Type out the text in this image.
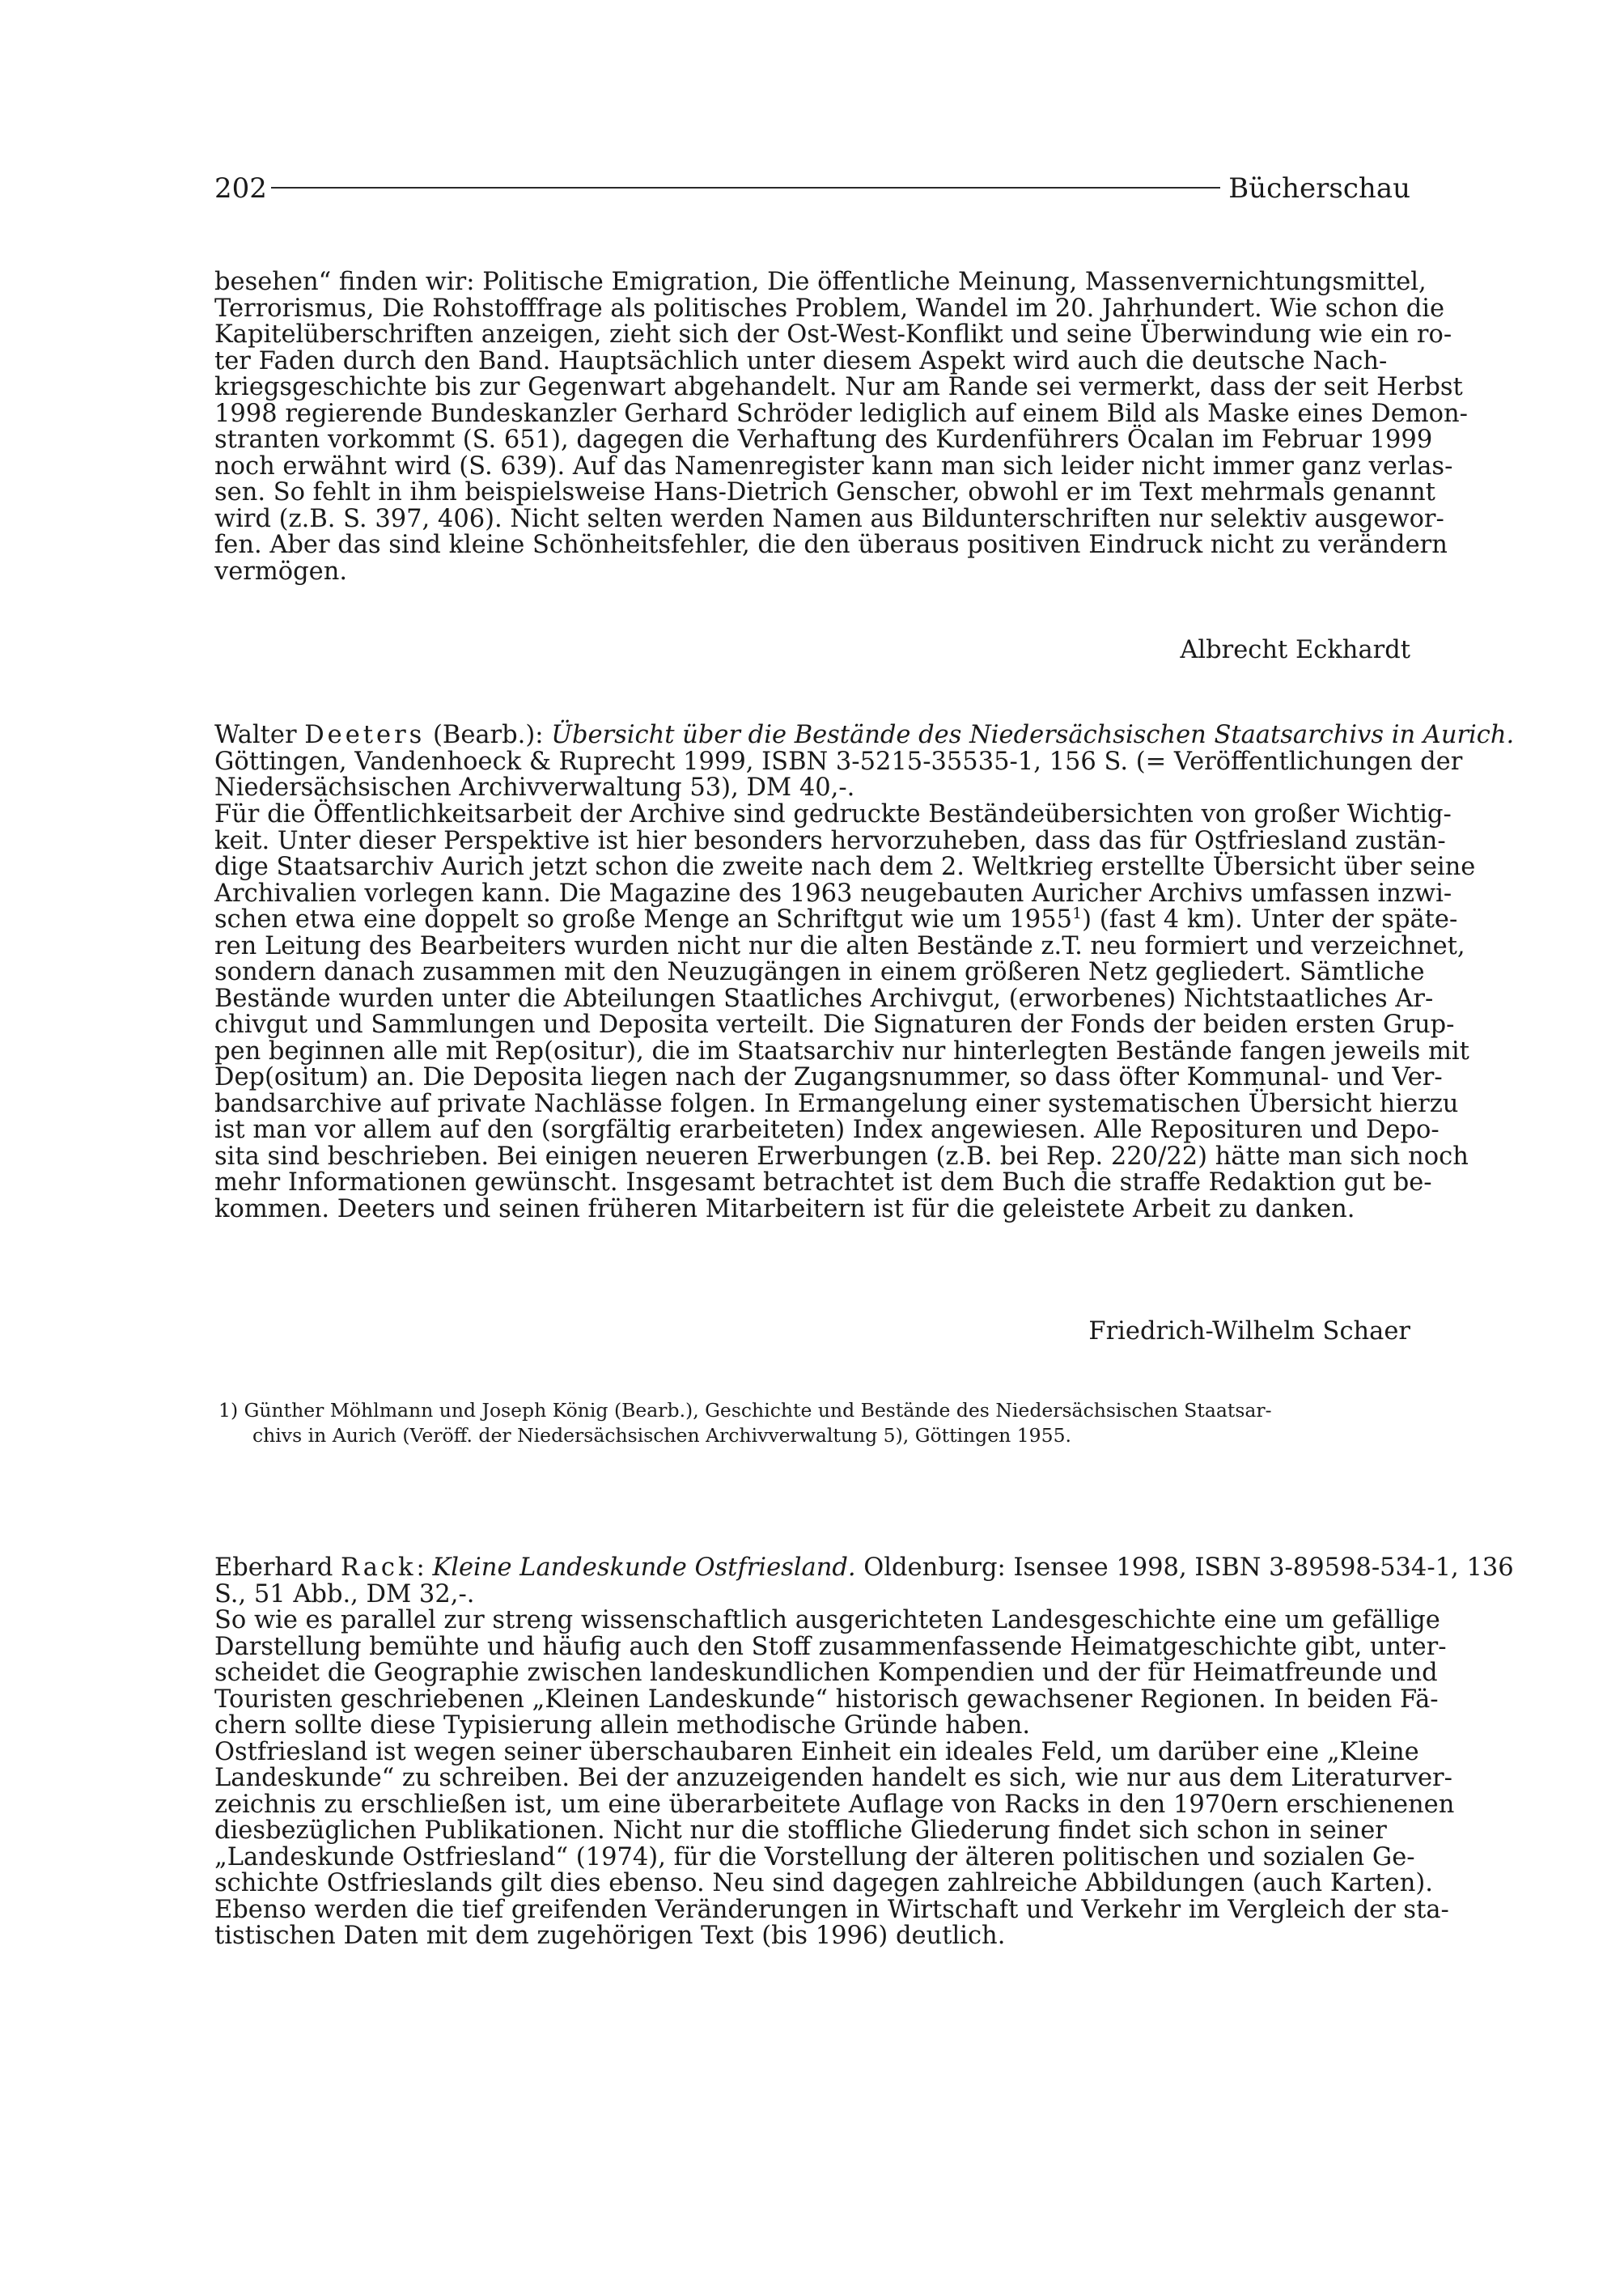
202	Bücherschau
besehen“ finden wir: Politische Emigration, Die öffentliche Meinung, Massenvernichtungsmittel,
Terrorismus, Die Rohstofffrage als politisches Problem, Wandel im 20. Jahrhundert. Wie schon die
Kapitelüberschriften anzeigen, zieht sich der Ost-West-Konflikt und seine Überwindung wie ein ro-
ter Faden durch den Band. Hauptsächlich unter diesem Aspekt wird auch die deutsche Nach-
kriegsgeschichte bis zur Gegenwart abgehandelt. Nur am Rande sei vermerkt, dass der seit Herbst
1998 regierende Bundeskanzler Gerhard Schröder lediglich auf einem Bild als Maske eines Demon-
stranten vorkommt (S. 651), dagegen die Verhaftung des Kurdenführers Öcalan im Februar 1999
noch erwähnt wird (S. 639). Auf das Namenregister kann man sich leider nicht immer ganz verlas-
sen. So fehlt in ihm beispielsweise Hans-Dietrich Genscher, obwohl er im Text mehrmals genannt
wird (z.B. S. 397, 406). Nicht selten werden Namen aus Bildunterschriften nur selektiv ausgewor-
fen. Aber das sind kleine Schönheitsfehler, die den überaus positiven Eindruck nicht zu verändern
vermögen.

Albrecht Eckhardt

Walter Deeters (Bearb.): Übersicht über die Bestände des Niedersächsischen Staatsarchivs in Aurich.
Göttingen, Vandenhoeck & Ruprecht 1999, ISBN 3-5215-35535-1, 156 S. (= Veröffentlichungen der
Niedersächsischen Archivverwaltung 53), DM 40,-.
Für die Öffentlichkeitsarbeit der Archive sind gedruckte Beständeübersichten von großer Wichtig-
keit. Unter dieser Perspektive ist hier besonders hervorzuheben, dass das für Ostfriesland zustän-
dige Staatsarchiv Aurich jetzt schon die zweite nach dem 2. Weltkrieg erstellte Übersicht über seine
Archivalien vorlegen kann. Die Magazine des 1963 neugebauten Auricher Archivs umfassen inzwi-
schen etwa eine doppelt so große Menge an Schriftgut wie um 1955$^1$) (fast 4 km). Unter der späte-
ren Leitung des Bearbeiters wurden nicht nur die alten Bestände z.T. neu formiert und verzeichnet,
sondern danach zusammen mit den Neuzugängen in einem größeren Netz gegliedert. Sämtliche
Bestände wurden unter die Abteilungen Staatliches Archivgut, (erworbenes) Nichtstaatliches Ar-
chivgut und Sammlungen und Deposita verteilt. Die Signaturen der Fonds der beiden ersten Grup-
pen beginnen alle mit Rep(ositur), die im Staatsarchiv nur hinterlegten Bestände fangen jeweils mit
Dep(ositum) an. Die Deposita liegen nach der Zugangsnummer, so dass öfter Kommunal- und Ver-
bandsarchive auf private Nachlässe folgen. In Ermangelung einer systematischen Übersicht hierzu
ist man vor allem auf den (sorgfältig erarbeiteten) Index angewiesen. Alle Reposituren und Depo-
sita sind beschrieben. Bei einigen neueren Erwerbungen (z.B. bei Rep. 220/22) hätte man sich noch
mehr Informationen gewünscht. Insgesamt betrachtet ist dem Buch die straffe Redaktion gut be-
kommen. Deeters und seinen früheren Mitarbeitern ist für die geleistete Arbeit zu danken.

Friedrich-Wilhelm Schaer

1) Günther Möhlmann und Joseph König (Bearb.), Geschichte und Bestände des Niedersächsischen Staatsar-
chivs in Aurich (Veröff. der Niedersächsischen Archivverwaltung 5), Göttingen 1955.
Eberhard Rack: Kleine Landeskunde Ostfriesland. Oldenburg: Isensee 1998, ISBN 3-89598-534-1, 136
S., 51 Abb., DM 32,-.
So wie es parallel zur streng wissenschaftlich ausgerichteten Landesgeschichte eine um gefällige
Darstellung bemühte und häufig auch den Stoff zusammenfassende Heimatgeschichte gibt, unter-
scheidet die Geographie zwischen landeskundlichen Kompendien und der für Heimatfreunde und
Touristen geschriebenen „Kleinen Landeskunde“ historisch gewachsener Regionen. In beiden Fä-
chern sollte diese Typisierung allein methodische Gründe haben.
Ostfriesland ist wegen seiner überschaubaren Einheit ein ideales Feld, um darüber eine „Kleine
Landeskunde“ zu schreiben. Bei der anzuzeigenden handelt es sich, wie nur aus dem Literaturver-
zeichnis zu erschließen ist, um eine überarbeitete Auflage von Racks in den 1970ern erschienenen
diesbezüglichen Publikationen. Nicht nur die stoffliche Gliederung findet sich schon in seiner
„Landeskunde Ostfriesland“ (1974), für die Vorstellung der älteren politischen und sozialen Ge-
schichte Ostfrieslands gilt dies ebenso. Neu sind dagegen zahlreiche Abbildungen (auch Karten).
Ebenso werden die tief greifenden Veränderungen in Wirtschaft und Verkehr im Vergleich der sta-
tistischen Daten mit dem zugehörigen Text (bis 1996) deutlich.
